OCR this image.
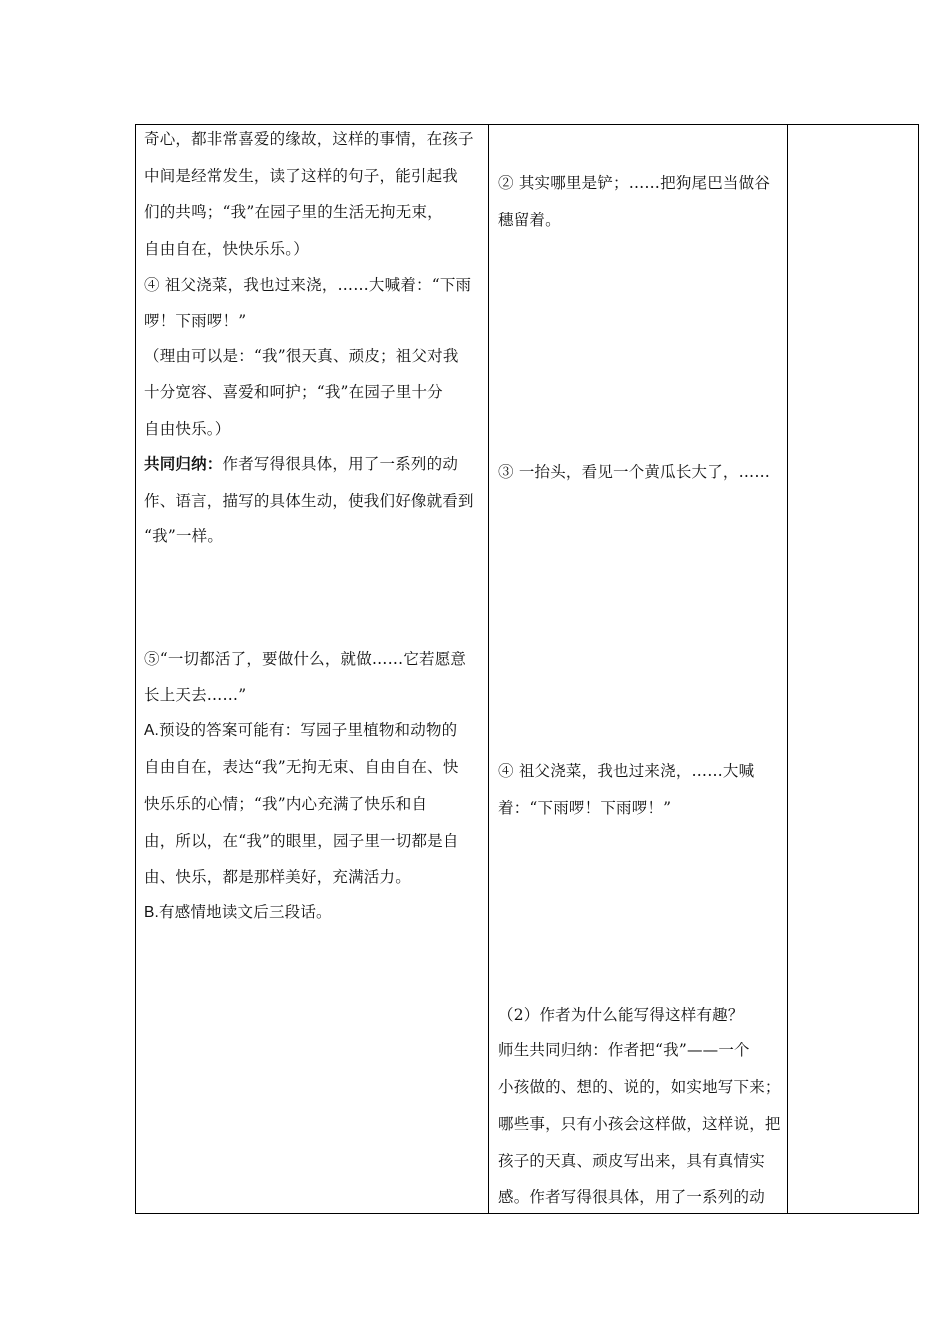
奇心，都非常喜爱的缘故，这样的事情，在孩子
中间是经常发生，读了这样的句子，能引起我
们的共鸣；“我”在园子里的生活无拘无束，
自由自在，快快乐乐。）
④ 祖父浇菜，我也过来浇，……大喊着：“下雨
啰！下雨啰！”
（理由可以是：“我”很天真、顽皮；祖父对我
十分宽容、喜爱和呵护；“我”在园子里十分
自由快乐。）
共同归纳：作者写得很具体，用了一系列的动
作、语言，描写的具体生动，使我们好像就看到
“我”一样。
⑤“一切都活了，要做什么，就做……它若愿意
长上天去……”
A.预设的答案可能有：写园子里植物和动物的
自由自在，表达“我”无拘无束、自由自在、快
快乐乐的心情；“我”内心充满了快乐和自
由，所以，在“我”的眼里，园子里一切都是自
由、快乐，都是那样美好，充满活力。
B.有感情地读文后三段话。
② 其实哪里是铲；……把狗尾巴当做谷
穗留着。
③ 一抬头，看见一个黄瓜长大了，……
④ 祖父浇菜，我也过来浇，……大喊
着：“下雨啰！下雨啰！”
（2）作者为什么能写得这样有趣？
师生共同归纳：作者把“我”——一个
小孩做的、想的、说的，如实地写下来；
哪些事，只有小孩会这样做，这样说，把
孩子的天真、顽皮写出来，具有真情实
感。作者写得很具体，用了一系列的动
